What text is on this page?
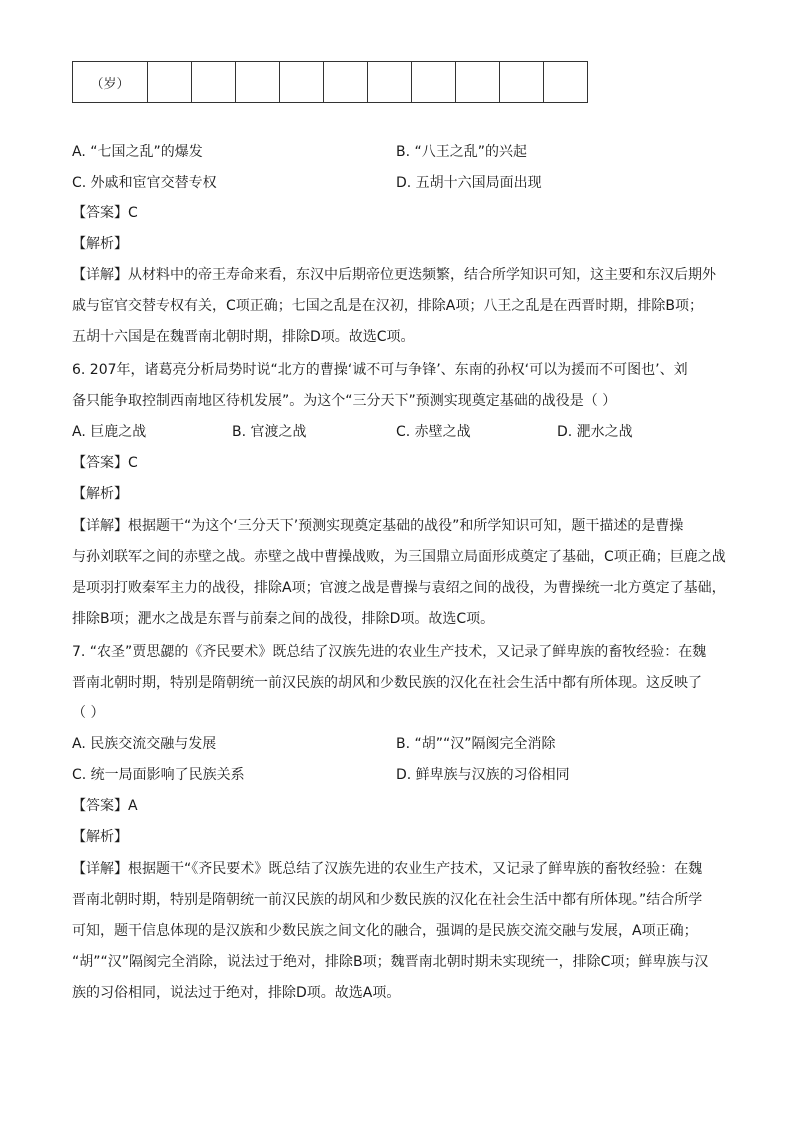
（岁）										
A. “七国之乱”的爆发	B. “八王之乱”的兴起
C. 外戚和宦官交替专权	D. 五胡十六国局面出现
【答案】C
【解析】
【详解】从材料中的帝王寿命来看，东汉中后期帝位更迭频繁，结合所学知识可知，这主要和东汉后期外
戚与宦官交替专权有关，C项正确；七国之乱是在汉初，排除A项；八王之乱是在西晋时期，排除B项；
五胡十六国是在魏晋南北朝时期，排除D项。故选C项。
6. 207年，诸葛亮分析局势时说“北方的曹操‘诚不可与争锋’、东南的孙权‘可以为援而不可图也’、刘
备只能争取控制西南地区待机发展”。为这个“三分天下”预测实现奠定基础的战役是（ ）
A. 巨鹿之战	B. 官渡之战	C. 赤壁之战	D. 淝水之战
【答案】C
【解析】
【详解】根据题干“为这个‘三分天下’预测实现奠定基础的战役”和所学知识可知，题干描述的是曹操
与孙刘联军之间的赤壁之战。赤壁之战中曹操战败，为三国鼎立局面形成奠定了基础，C项正确；巨鹿之战
是项羽打败秦军主力的战役，排除A项；官渡之战是曹操与袁绍之间的战役，为曹操统一北方奠定了基础，
排除B项；淝水之战是东晋与前秦之间的战役，排除D项。故选C项。
7. “农圣”贾思勰的《齐民要术》既总结了汉族先进的农业生产技术，又记录了鲜卑族的畜牧经验：在魏
晋南北朝时期，特别是隋朝统一前汉民族的胡风和少数民族的汉化在社会生活中都有所体现。这反映了
（ ）
A. 民族交流交融与发展	B. “胡”“汉”隔阂完全消除
C. 统一局面影响了民族关系	D. 鲜卑族与汉族的习俗相同
【答案】A
【解析】
【详解】根据题干“《齐民要术》既总结了汉族先进的农业生产技术，又记录了鲜卑族的畜牧经验：在魏
晋南北朝时期，特别是隋朝统一前汉民族的胡风和少数民族的汉化在社会生活中都有所体现。”结合所学
可知，题干信息体现的是汉族和少数民族之间文化的融合，强调的是民族交流交融与发展，A项正确；
“胡”“汉”隔阂完全消除，说法过于绝对，排除B项；魏晋南北朝时期未实现统一，排除C项；鲜卑族与汉
族的习俗相同，说法过于绝对，排除D项。故选A项。
